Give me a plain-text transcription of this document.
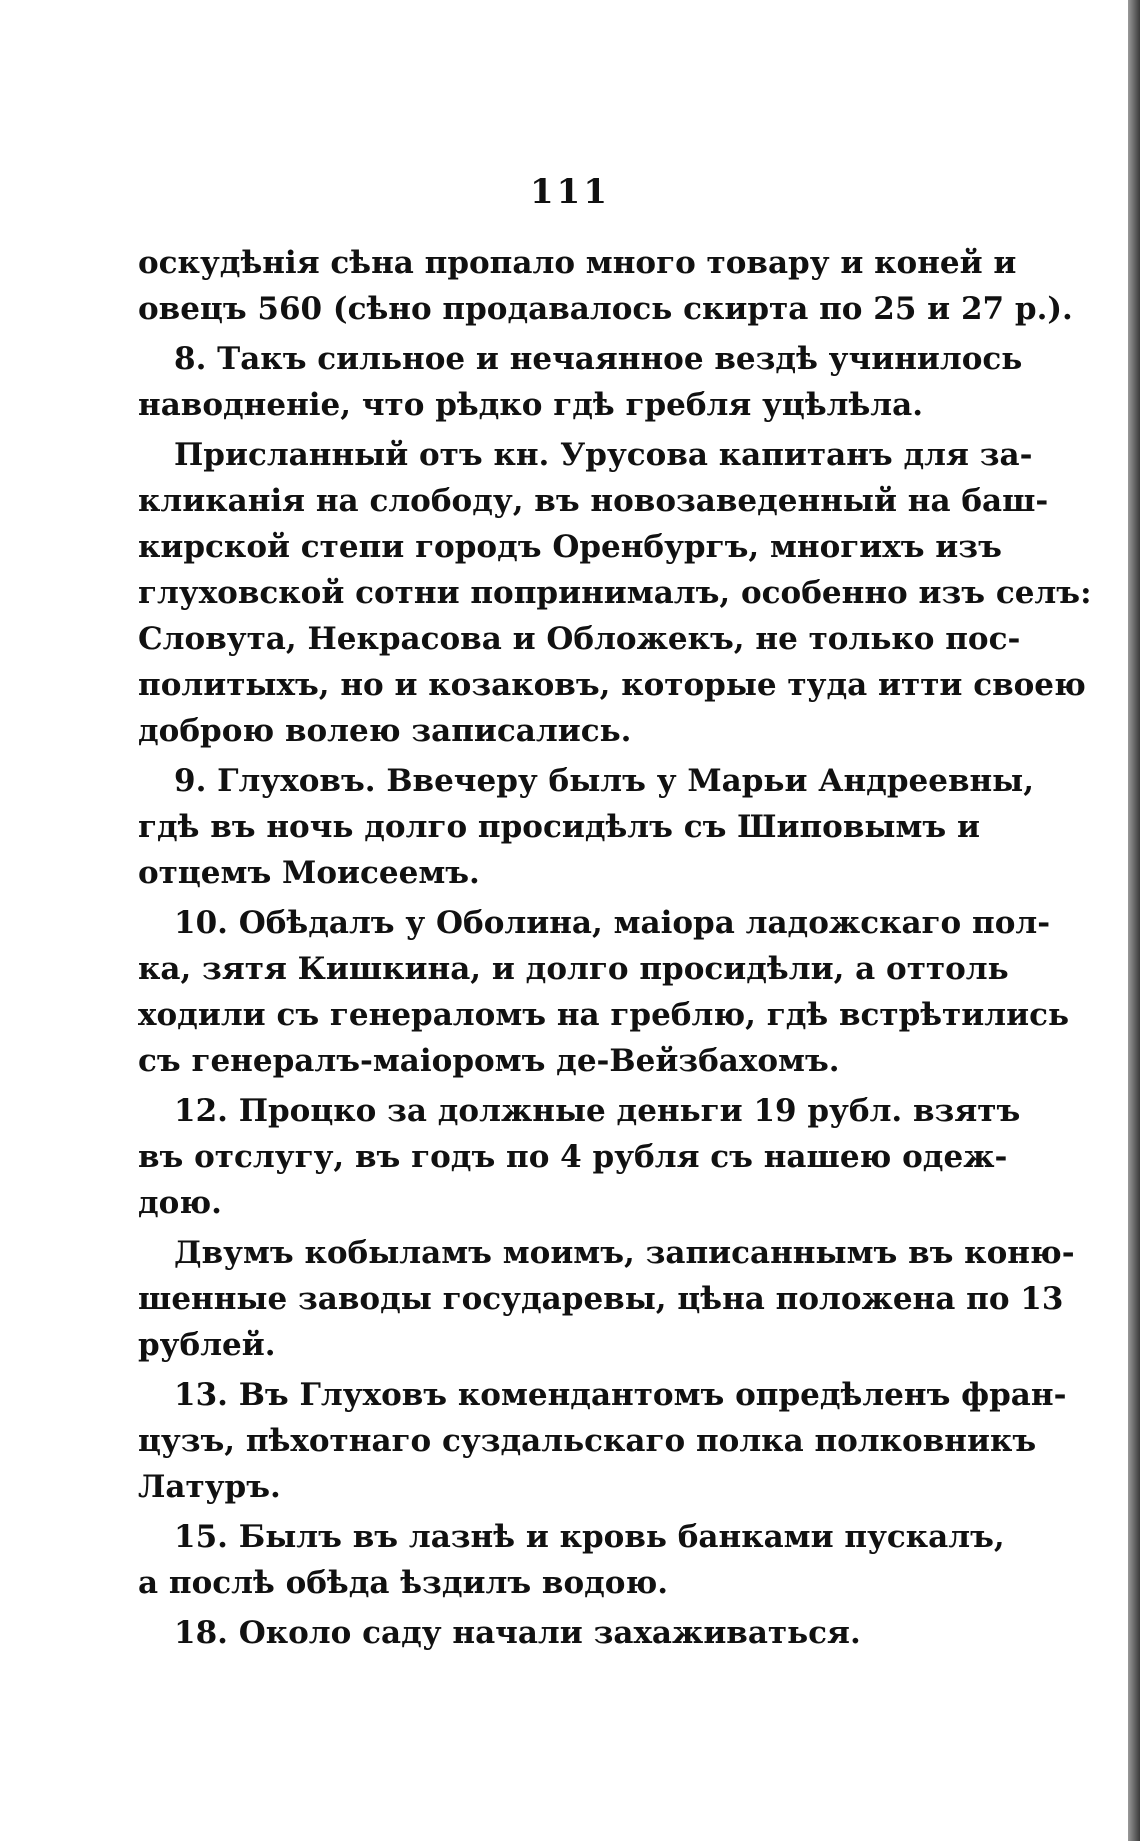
111
оскудѣнія сѣна пропало много товару и коней и
овецъ 560 (сѣно продавалось скирта по 25 и 27 р.).
8. Такъ сильное и нечаянное вездѣ учинилось
наводненіе, что рѣдко гдѣ гребля уцѣлѣла.
Присланный отъ кн. Урусова капитанъ для за-
кликанія на слободу, въ новозаведенный на баш-
кирской степи городъ Оренбургъ, многихъ изъ
глуховской сотни попринималъ, особенно изъ селъ:
Словута, Некрасова и Обложекъ, не только пос-
политыхъ, но и козаковъ, которые туда итти своею
доброю волею записались.
9. Глуховъ. Ввечеру былъ у Марьи Андреевны,
гдѣ въ ночь долго просидѣлъ съ Шиповымъ и
отцемъ Моисеемъ.
10. Обѣдалъ у Оболина, маіора ладожскаго пол-
ка, зятя Кишкина, и долго просидѣли, а оттоль
ходили съ генераломъ на греблю, гдѣ встрѣтились
съ генералъ-маіоромъ де-Вейзбахомъ.
12. Процко за должные деньги 19 рубл. взятъ
въ отслугу, въ годъ по 4 рубля съ нашею одеж-
дою.
Двумъ кобыламъ моимъ, записаннымъ въ коню-
шенные заводы государевы, цѣна положена по 13
рублей.
13. Въ Глуховъ комендантомъ опредѣленъ фран-
цузъ, пѣхотнаго суздальскаго полка полковникъ
Латуръ.
15. Былъ въ лазнѣ и кровь банками пускалъ,
а послѣ обѣда ѣздилъ водою.
18. Около саду начали захаживаться.
